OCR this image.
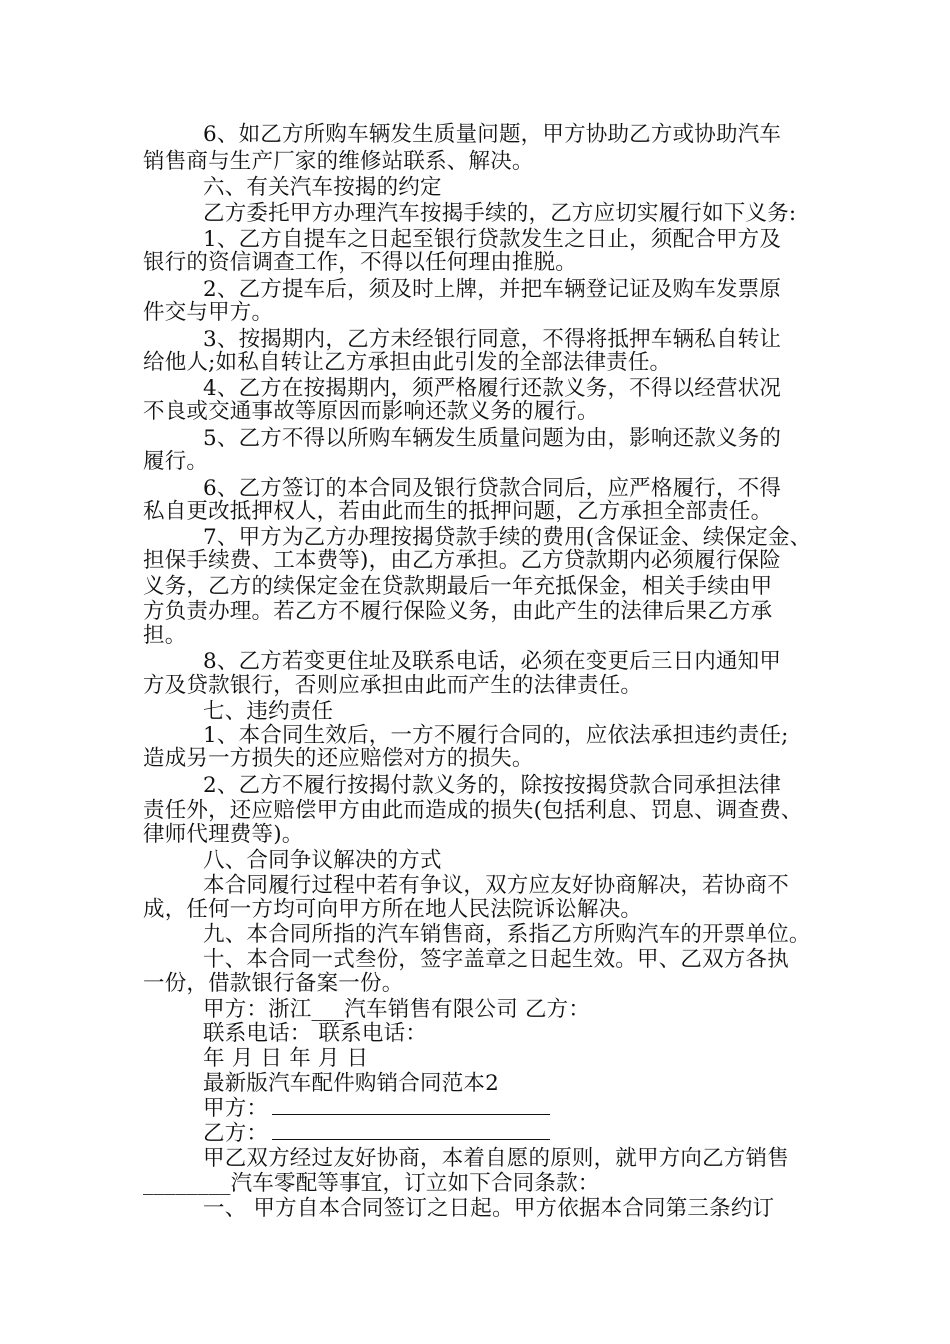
6、如乙方所购车辆发生质量问题，甲方协助乙方或协助汽车
销售商与生产厂家的维修站联系、解决。
六、有关汽车按揭的约定
乙方委托甲方办理汽车按揭手续的，乙方应切实履行如下义务:
1、乙方自提车之日起至银行贷款发生之日止，须配合甲方及
银行的资信调查工作，不得以任何理由推脱。
2、乙方提车后，须及时上牌，并把车辆登记证及购车发票原
件交与甲方。
3、按揭期内，乙方未经银行同意，不得将抵押车辆私自转让
给他人;如私自转让乙方承担由此引发的全部法律责任。
4、乙方在按揭期内，须严格履行还款义务，不得以经营状况
不良或交通事故等原因而影响还款义务的履行。
5、乙方不得以所购车辆发生质量问题为由，影响还款义务的
履行。
6、乙方签订的本合同及银行贷款合同后，应严格履行，不得
私自更改抵押权人，若由此而生的抵押问题，乙方承担全部责任。
7、甲方为乙方办理按揭贷款手续的费用(含保证金、续保定金、
担保手续费、工本费等)，由乙方承担。乙方贷款期内必须履行保险
义务，乙方的续保定金在贷款期最后一年充抵保金，相关手续由甲
方负责办理。若乙方不履行保险义务，由此产生的法律后果乙方承
担。
8、乙方若变更住址及联系电话，必须在变更后三日内通知甲
方及贷款银行，否则应承担由此而产生的法律责任。
七、违约责任
1、本合同生效后，一方不履行合同的，应依法承担违约责任;
造成另一方损失的还应赔偿对方的损失。
2、乙方不履行按揭付款义务的，除按按揭贷款合同承担法律
责任外，还应赔偿甲方由此而造成的损失(包括利息、罚息、调查费、
律师代理费等)。
八、合同争议解决的方式
本合同履行过程中若有争议，双方应友好协商解决，若协商不
成，任何一方均可向甲方所在地人民法院诉讼解决。
九、本合同所指的汽车销售商，系指乙方所购汽车的开票单位。
十、本合同一式叁份，签字盖章之日起生效。甲、乙双方各执
一份，借款银行备案一份。
甲方：浙江___汽车销售有限公司 乙方：
联系电话： 联系电话：
年 月 日 年 月 日
最新版汽车配件购销合同范本2
甲方：
乙方：
甲乙双方经过友好协商，本着自愿的原则，就甲方向乙方销售
________汽车零配等事宜，订立如下合同条款：
一、 甲方自本合同签订之日起。甲方依据本合同第三条约订
